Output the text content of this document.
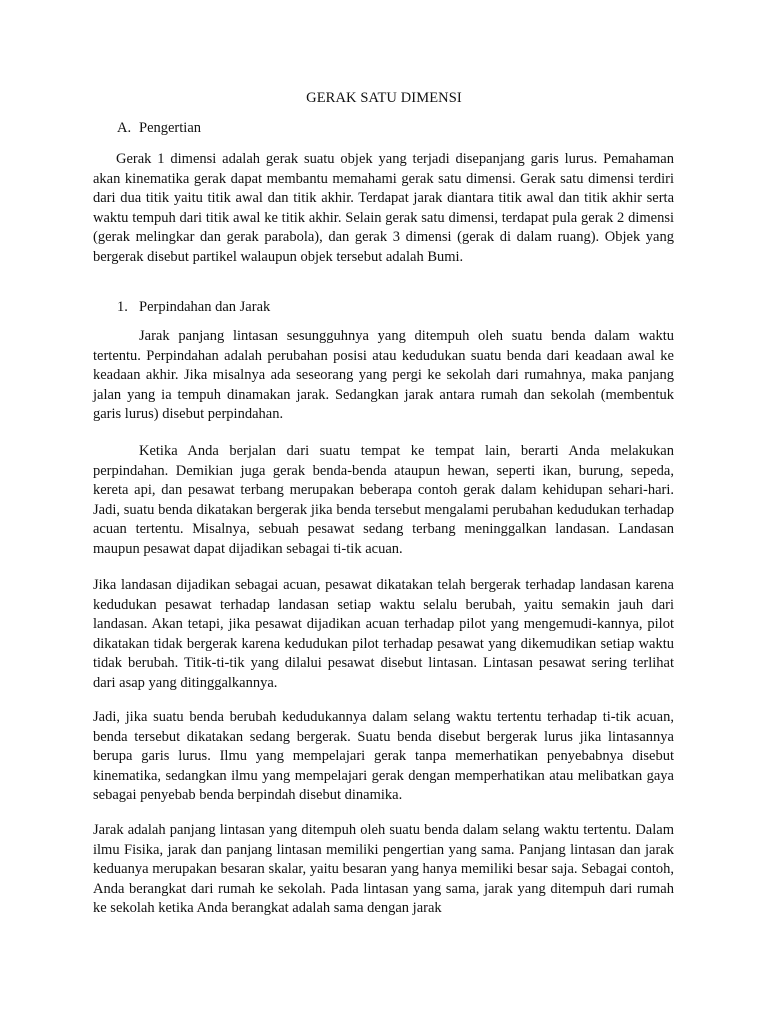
GERAK SATU DIMENSI
A. Pengertian

Gerak 1 dimensi adalah gerak suatu objek yang terjadi disepanjang garis lurus. Pemahaman akan kinematika gerak dapat membantu memahami gerak satu dimensi. Gerak satu dimensi terdiri dari dua titik yaitu titik awal dan titik akhir. Terdapat jarak diantara titik awal dan titik akhir serta waktu tempuh dari titik awal ke titik akhir. Selain gerak satu dimensi, terdapat pula gerak 2 dimensi (gerak melingkar dan gerak parabola), dan gerak 3 dimensi (gerak di dalam ruang). Objek yang bergerak disebut partikel walaupun objek tersebut adalah Bumi.

1. Perpindahan dan Jarak

Jarak panjang lintasan sesungguhnya yang ditempuh oleh suatu benda dalam waktu tertentu. Perpindahan adalah perubahan posisi atau kedudukan suatu benda dari keadaan awal ke keadaan akhir. Jika misalnya ada seseorang yang pergi ke sekolah dari rumahnya, maka panjang jalan yang ia tempuh dinamakan jarak. Sedangkan jarak antara rumah dan sekolah (membentuk garis lurus) disebut perpindahan.

Ketika Anda berjalan dari suatu tempat ke tempat lain, berarti Anda melakukan perpindahan. Demikian juga gerak benda-benda ataupun hewan, seperti ikan, burung, sepeda, kereta api, dan pesawat terbang merupakan beberapa contoh gerak dalam kehidupan sehari-hari. Jadi, suatu benda dikatakan bergerak jika benda tersebut mengalami perubahan kedudukan terhadap acuan tertentu. Misalnya, sebuah pesawat sedang terbang meninggalkan landasan. Landasan maupun pesawat dapat dijadikan sebagai ti-tik acuan.

Jika landasan dijadikan sebagai acuan, pesawat dikatakan telah bergerak terhadap landasan karena kedudukan pesawat terhadap landasan setiap waktu selalu berubah, yaitu semakin jauh dari landasan. Akan tetapi, jika pesawat dijadikan acuan terhadap pilot yang mengemudi-kannya, pilot dikatakan tidak bergerak karena kedudukan pilot terhadap pesawat yang dikemudikan setiap waktu tidak berubah. Titik-ti-tik yang dilalui pesawat disebut lintasan. Lintasan pesawat sering terlihat dari asap yang ditinggalkannya.

Jadi, jika suatu benda berubah kedudukannya dalam selang waktu tertentu terhadap ti-tik acuan, benda tersebut dikatakan sedang bergerak. Suatu benda disebut bergerak lurus jika lintasannya berupa garis lurus. Ilmu yang mempelajari gerak tanpa memerhatikan penyebabnya disebut kinematika, sedangkan ilmu yang mempelajari gerak dengan memperhatikan atau melibatkan gaya sebagai penyebab benda berpindah disebut dinamika.

Jarak adalah panjang lintasan yang ditempuh oleh suatu benda dalam selang waktu tertentu. Dalam ilmu Fisika, jarak dan panjang lintasan memiliki pengertian yang sama. Panjang lintasan dan jarak keduanya merupakan besaran skalar, yaitu besaran yang hanya memiliki besar saja. Sebagai contoh, Anda berangkat dari rumah ke sekolah. Pada lintasan yang sama, jarak yang ditempuh dari rumah ke sekolah ketika Anda berangkat adalah sama dengan jarak
